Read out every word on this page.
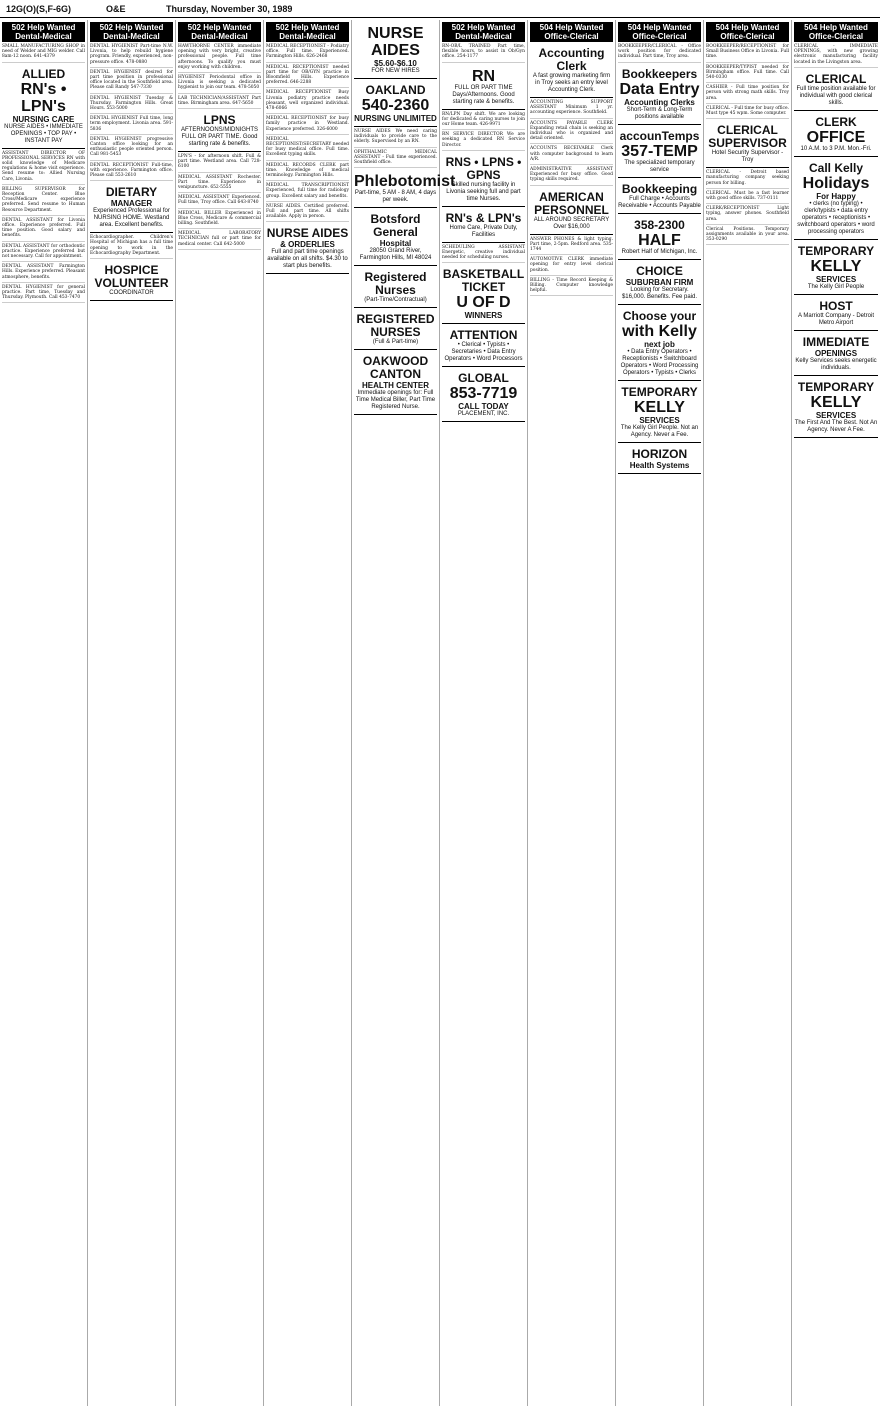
12G(O)(S,F-6G)	O&E	Thursday, November 30, 1989
502 Help Wanted Dental-Medical
SMALL MANUFACTURING SHOP in need of Welder and MIG welder. Call 8am-12 noon. 641-4379
ALLIED
RN's • LPN's
NURSING CARE
NURSE AIDES • IMMEDIATE OPENINGS • TOP PAY • INSTANT PAY
ASSISTANT DIRECTOR OF PROFESSIONAL SERVICES RN with solid knowledge of Medicare regulations & home visit experience. Send resume to: Allied Nursing Care, Livonia.
BILLING SUPERVISOR for Reception Center. Blue Cross/Medicare experience preferred. Send resume to Human Resource Department.
DENTAL ASSISTANT for Livonia office. Experience preferred. Full time position. Good salary and benefits.
DENTAL ASSISTANT for orthodontic practice. Experience preferred but not necessary. Call for appointment.
DENTAL ASSISTANT Farmington Hills. Experience preferred. Pleasant atmosphere, benefits.
DENTAL HYGIENIST for general practice. Part time, Tuesday and Thursday. Plymouth. Call 453-7470
502 Help Wanted Dental-Medical
DENTAL HYGIENIST Part-time N.W. Livonia, to help rebuild hygiene program. Friendly, experienced, non-pressure office. 478-0880
DENTAL HYGIENIST desired for part time position in professional office located in the Southfield area. Please call Randy 547-7330
DENTAL HYGIENIST Tuesday & Thursday. Farmington Hills. Great Hours. 553-5000
DENTAL HYGIENIST Full time, long term employment. Livonia area. 591-5836
DENTAL HYGIENIST progressive Canton office looking for an enthusiastic people oriented person. Call 981-5453
DENTAL RECEPTIONIST Full-time, with experience. Farmington office. Please call 553-2610
DIETARY
MANAGER
Experienced Professional for NURSING HOME. Westland area. Excellent benefits.
Echocardiographer. Children's Hospital of Michigan has a full time opening to work in the Echocardiography Department.
HOSPICE VOLUNTEER
COORDINATOR
502 Help Wanted Dental-Medical
HAWTHORNE CENTER immediate opening with very bright, creative professional people. Full time afternoons. To qualify you must enjoy working with children.
HYGIENIST Periodontal office in Livonia is seeking a dedicated hygienist to join our team. 478-5050
LAB TECHNICIAN/ASSISTANT Part time. Birmingham area. 647-5650
LPNS
AFTERNOONS/MIDNIGHTS FULL OR PART TIME. Good starting rate & benefits.
LPN'S - for afternoon shift. Full & part time. Westland area. Call 728-6100
MEDICAL ASSISTANT Rochester. Part time. Experience in venipuncture. 652-5555
MEDICAL ASSISTANT Experienced. Full time, Troy office. Call 643-8740
MEDICAL BILLER Experienced in Blue Cross, Medicare & commercial billing. Southfield.
MEDICAL LABORATORY TECHNICIAN full or part time for medical center. Call 642-5000
502 Help Wanted Dental-Medical
MEDICAL RECEPTIONIST - Podiatry office. Full time. Experienced. Farmington Hills. 626-2468
MEDICAL RECEPTIONIST needed part time for OB/GYN practice in Bloomfield Hills. Experience preferred. 646-2288
MEDICAL RECEPTIONIST Busy Livonia podiatry practice needs pleasant, well organized individual. 478-6066
MEDICAL RECEPTIONIST for busy family practice in Westland. Experience preferred. 326-6000
MEDICAL RECEPTIONIST/SECRETARY needed for busy medical office. Full time. Excellent typing skills.
MEDICAL RECORDS CLERK part time. Knowledge of medical terminology. Farmington Hills.
MEDICAL TRANSCRIPTIONIST Experienced, full time for radiology group. Excellent salary and benefits.
NURSE AIDES. Certified preferred. Full and part time. All shifts available. Apply in person.
NURSE AIDES
& ORDERLIES
Full and part time openings available on all shifts. $4.30 to start plus benefits.
NURSE AIDES
$5.60-$6.10
FOR NEW HIRES
OAKLAND
540-2360
NURSING UNLIMITED
NURSE AIDES We need caring individuals to provide care to the elderly. Supervised by an RN.
OPHTHALMIC MEDICAL ASSISTANT - Full time experienced. Southfield office.
Phlebotomist
Part-time, 5 AM - 8 AM, 4 days per week.
Botsford General
Hospital
28050 Grand River, Farmington Hills, MI 48024
Registered Nurses
(Part-Time/Contractual)
REGISTERED NURSES
(Full & Part-time)
OAKWOOD CANTON
HEALTH CENTER
Immediate openings for: Full Time Medical Biller, Part Time Registered Nurse.
502 Help Wanted Dental-Medical
RN-OB/L TRAINED Part time, flexible hours, to assist in Ob/Gyn office. 254-1177
RN
FULL OR PART TIME Days/Afternoons. Good starting rate & benefits.
RN/LPN Day shift. We are looking for dedicated & caring nurses to join our Home team. 426-9971
RN SERVICE DIRECTOR We are seeking a dedicated RN Service Director.
RNS • LPNS • GPNS
Skilled nursing facility in Livonia seeking full and part time Nurses.
RN's & LPN's
Home Care, Private Duty, Facilities
SCHEDULING ASSISTANT Energetic, creative individual needed for scheduling nurses.
BASKETBALL TICKET
U OF D
WINNERS
ATTENTION
• Clerical • Typists • Secretaries • Data Entry Operators • Word Processors
GLOBAL
853-7719
CALL TODAY
PLACEMENT, INC.
504 Help Wanted Office-Clerical
Accounting Clerk
A fast growing marketing firm in Troy seeks an entry level Accounting Clerk.
ACCOUNTING SUPPORT ASSISTANT Minimum 1 yr. accounting experience. Southfield.
ACCOUNTS PAYABLE CLERK Expanding retail chain is seeking an individual who is organized and detail oriented.
ACCOUNTS RECEIVABLE Clerk with computer background to learn A/R.
ADMINISTRATIVE ASSISTANT Experienced for busy office. Good typing skills required.
AMERICAN PERSONNEL
ALL AROUND SECRETARY Over $16,000
ANSWER PHONES & light typing. Part time, 2-5pm. Redford area. 535-1744
AUTOMOTIVE CLERK immediate opening for entry level clerical position.
BILLING - Time Record Keeping & Billing. Computer knowledge helpful.
504 Help Wanted Office-Clerical
BOOKKEEPER/CLERICAL - Office work position for dedicated individual. Part time, Troy area.
Bookkeepers
Data Entry
Accounting Clerks
Short-Term & Long-Term positions available
accounTemps
357-TEMP
The specialized temporary service
Bookkeeping
Full Charge • Accounts Receivable • Accounts Payable
358-2300
HALF
Robert Half of Michigan, Inc.
CHOICE
SUBURBAN FIRM
Looking for Secretary. $16,000. Benefits. Fee paid.
Choose your
with Kelly
next job
• Data Entry Operators • Receptionists • Switchboard Operators • Word Processing Operators • Typists • Clerks
TEMPORARY
KELLY
SERVICES
The Kelly Girl People. Not an Agency. Never a Fee.
HORIZON
Health Systems
504 Help Wanted Office-Clerical
BOOKKEEPER/RECEPTIONIST for Small Business Office in Livonia. Full time.
BOOKKEEPER/TYPIST needed for Birmingham office. Full time. Call 540-0330
CASHIER - Full time position for person with strong math skills. Troy area.
CLERICAL - Full time for busy office. Must type 45 wpm. Some computer.
CLERICAL SUPERVISOR
Hotel Security Supervisor - Troy
CLERICAL - Detroit based manufacturing company seeking person for billing.
CLERICAL. Must be a fast learner with good office skills. 737-0111
CLERK/RECEPTIONIST Light typing, answer phones. Southfield area.
Clerical Positions. Temporary assignments available in your area. 353-0290
504 Help Wanted Office-Clerical
CLERICAL - IMMEDIATE OPENINGS, with new growing electronic manufacturing facility located in the Livingston area.
CLERICAL
Full time position available for individual with good clerical skills.
CLERK
OFFICE
10 A.M. to 3 P.M. Mon.-Fri.
Call Kelly
Holidays
For Happy
• clerks (no typing) • clerk/typists • data entry operators • receptionists • switchboard operators • word processing operators
TEMPORARY
KELLY
SERVICES
The Kelly Girl People
HOST
A Marriott Company - Detroit Metro Airport
IMMEDIATE
OPENINGS
Kelly Services seeks energetic individuals.
TEMPORARY
KELLY
SERVICES
The First And The Best. Not An Agency. Never A Fee.
